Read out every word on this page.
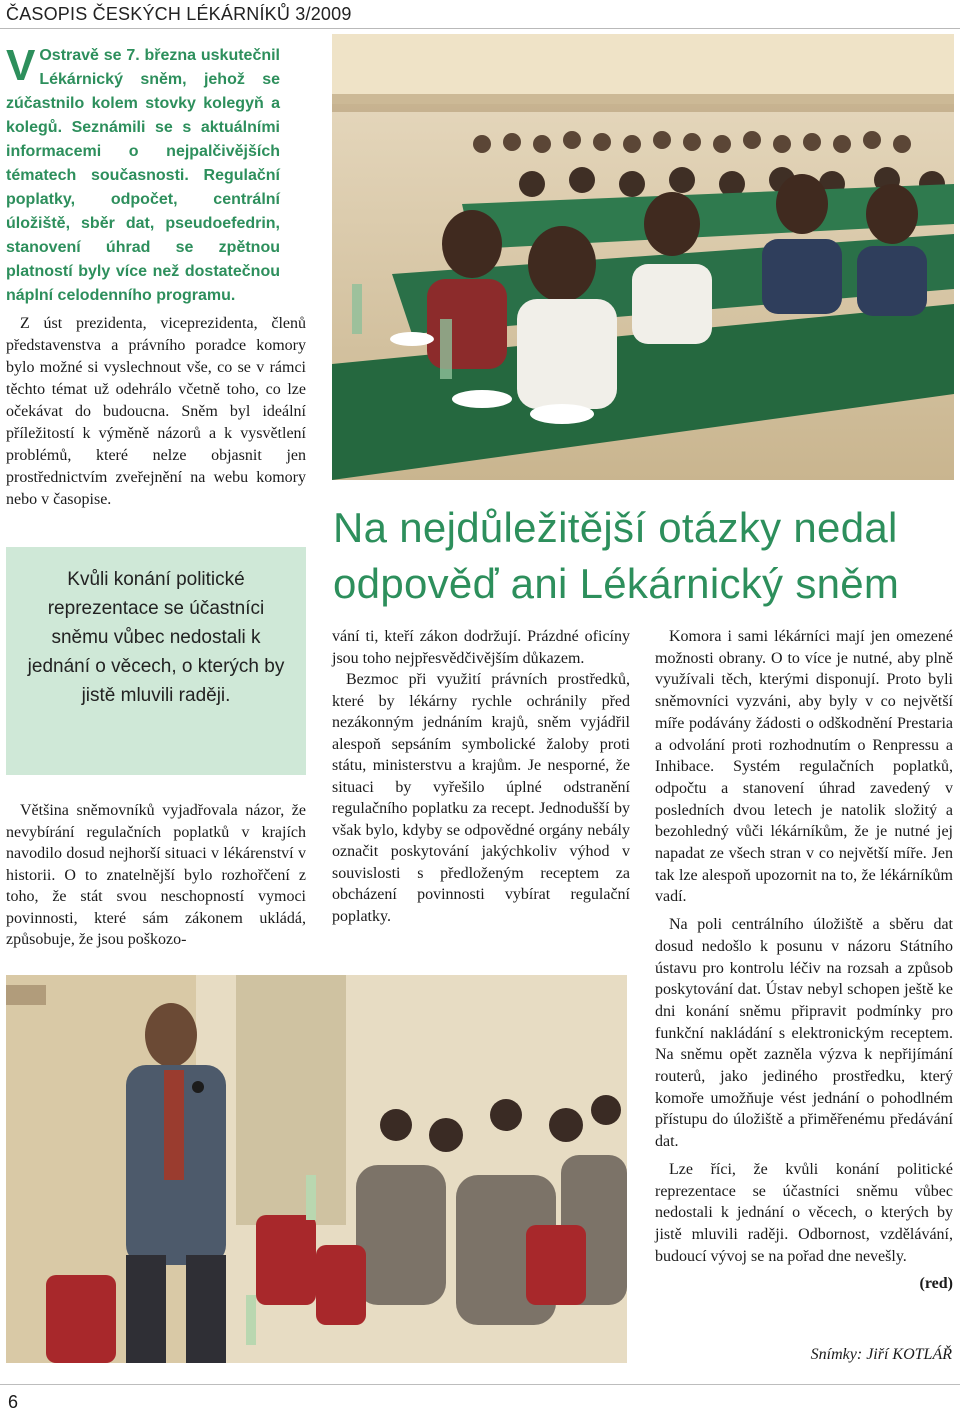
ČASOPIS ČESKÝCH LÉKÁRNÍKŮ 3/2009
V Ostravě se 7. března uskutečnil Lékárnický sněm, jehož se zúčastnilo kolem stovky kolegyň a kolegů. Seznámili se s aktuálními informacemi o nejpalčivějších tématech současnosti. Regulační poplatky, odpočet, centrální úložiště, sběr dat, pseudoefedrin, stanovení úhrad se zpětnou platností byly více než dostatečnou náplní celodenního programu.

Z úst prezidenta, viceprezidenta, členů představenstva a právního poradce komory bylo možné si vyslechnout vše, co se v rámci těchto témat už odehrálo včetně toho, co lze očekávat do budoucna. Sněm byl ideální příležitostí k výměně názorů a k vysvětlení problémů, které nelze objasnit jen prostřednictvím zveřejnění na webu komory nebo v časopise.

Kvůli konání politické reprezentace se účastníci sněmu vůbec nedostali k jednání o věcech, o kterých by jistě mluvili raději.

Většina sněmovníků vyjadřovala názor, že nevybírání regulačních poplatků v krajích navodilo dosud nejhorší situaci v lékárenství v historii. O to znatelnější bylo rozhořčení z toho, že stát svou neschopností vymoci povinnosti, které sám zákonem ukládá, způsobuje, že jsou poškozo-

Na nejdůležitější otázky nedal odpověď ani Lékárnický sněm

vání ti, kteří zákon dodržují. Prázdné oficíny jsou toho nejpřesvědčivějším důkazem.

Bezmoc při využití právních prostředků, které by lékárny rychle ochránily před nezákonným jednáním krajů, sněm vyjádřil alespoň sepsáním symbolické žaloby proti státu, ministerstvu a krajům. Je nesporné, že situaci by vyřešilo úplné odstranění regulačního poplatku za recept. Jednodušší by však bylo, kdyby se odpovědné orgány nebály označit poskytování jakýchkoliv výhod v souvislosti s předloženým receptem za obcházení povinnosti vybírat regulační poplatky.

Komora i sami lékárníci mají jen omezené možnosti obrany. O to více je nutné, aby plně využívali těch, kterými disponují. Proto byli sněmovníci vyzváni, aby byly v co největší míře podávány žádosti o odškodnění Prestaria a odvolání proti rozhodnutím o Renpressu a Inhibace. Systém regulačních poplatků, odpočtu a stanovení úhrad zavedený v posledních dvou letech je natolik složitý a bezohledný vůči lékárníkům, že je nutné jej napadat ze všech stran v co největší míře. Jen tak lze alespoň upozornit na to, že lékárníkům vadí.

Na poli centrálního úložiště a sběru dat dosud nedošlo k posunu v názoru Státního ústavu pro kontrolu léčiv na rozsah a způsob poskytování dat. Ústav nebyl schopen ještě ke dni konání sněmu připravit podmínky pro funkční nakládání s elektronickým receptem. Na sněmu opět zazněla výzva k nepřijímání routerů, jako jediného prostředku, který komoře umožňuje vést jednání o pohodlném přístupu do úložiště a přiměřenému předávání dat.

Lze říci, že kvůli konání politické reprezentace se účastníci sněmu vůbec nedostali k jednání o věcech, o kterých by jistě mluvili raději. Odbornost, vzdělávání, budoucí vývoj se na pořad dne nevešly.

(red)

Snímky: Jiří KOTLÁŘ
6
